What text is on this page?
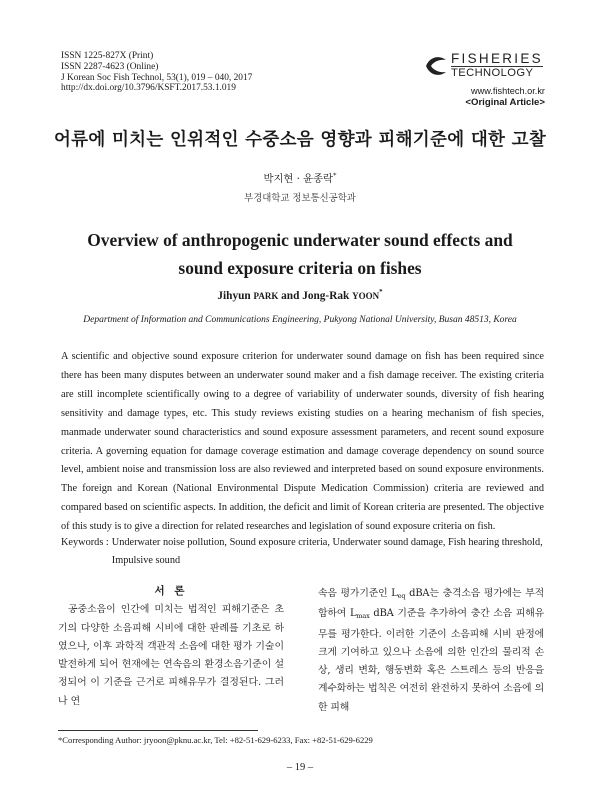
ISSN 1225-827X (Print)
ISSN 2287-4623 (Online)
J Korean Soc Fish Technol, 53(1), 019 – 040, 2017
http://dx.doi.org/10.3796/KSFT.2017.53.1.019
FISHERIES
TECHNOLOGY
www.fishtech.or.kr
<Original Article>
어류에 미치는 인위적인 수중소음 영향과 피해기준에 대한 고찰
박지현 · 윤종락*
부경대학교 정보통신공학과
Overview of anthropogenic underwater sound effects and
sound exposure criteria on fishes
Jihyun PARK and Jong-Rak YOON*
Department of Information and Communications Engineering, Pukyong National University, Busan 48513, Korea
A scientific and objective sound exposure criterion for underwater sound damage on fish has been required since there has been many disputes between an underwater sound maker and a fish damage receiver. The existing criteria are still incomplete scientifically owing to a degree of variability of underwater sounds, diversity of fish hearing sensitivity and damage types, etc. This study reviews existing studies on a hearing mechanism of fish species, manmade underwater sound characteristics and sound exposure assessment parameters, and recent sound exposure criteria. A governing equation for damage coverage estimation and damage coverage dependency on sound source level, ambient noise and transmission loss are also reviewed and interpreted based on sound exposure environments. The foreign and Korean (National Environmental Dispute Medication Commission) criteria are reviewed and compared based on scientific aspects. In addition, the deficit and limit of Korean criteria are presented. The objective of this study is to give a direction for related researches and legislation of sound exposure criteria on fish.
Keywords : Underwater noise pollution, Sound exposure criteria, Underwater sound damage, Fish hearing threshold, Impulsive sound
서 론
공중소음이 인간에 미치는 법적인 피해기준은 초기의 다양한 소음피해 시비에 대한 판례를 기초로 하였으나, 이후 과학적 객관적 소음에 대한 평가 기술이 발전하게 되어 현재에는 연속음의 환경소음기준이 설정되어 이 기준을 근거로 피해유무가 결정된다. 그러나 연
속음 평가기준인 $L_{eq}$ dBA는 충격소음 평가에는 부적합하여 $L_{max}$ dBA 기준을 추가하여 충간 소음 피해유무를 평가한다. 이러한 기준이 소음피해 시비 판정에 크게 기여하고 있으나 소음에 의한 인간의 물리적 손상, 생리 변화, 행동변화 혹은 스트레스 등의 반응을 계수화하는 법칙은 여전히 완전하지 못하여 소음에 의한 피해
*Corresponding Author: jryoon@pknu.ac.kr, Tel: +82-51-629-6233, Fax: +82-51-629-6229
– 19 –
